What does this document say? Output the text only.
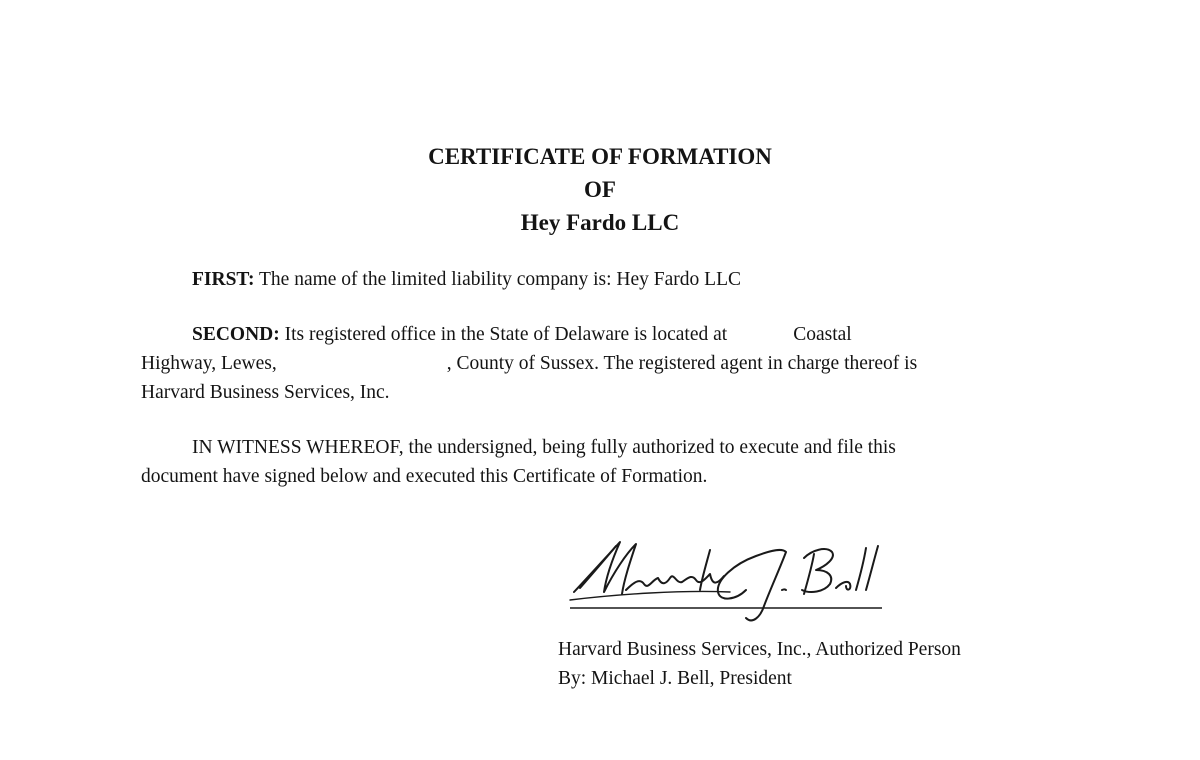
CERTIFICATE OF FORMATION
OF
Hey Fardo LLC
FIRST: The name of the limited liability company is: Hey Fardo LLC
SECOND: Its registered office in the State of Delaware is located at	Coastal
Highway, Lewes,	, County of Sussex. The registered agent in charge thereof is
Harvard Business Services, Inc.
IN WITNESS WHEREOF, the undersigned, being fully authorized to execute and file this
document have signed below and executed this Certificate of Formation.
Harvard Business Services, Inc., Authorized Person
By: Michael J. Bell, President
